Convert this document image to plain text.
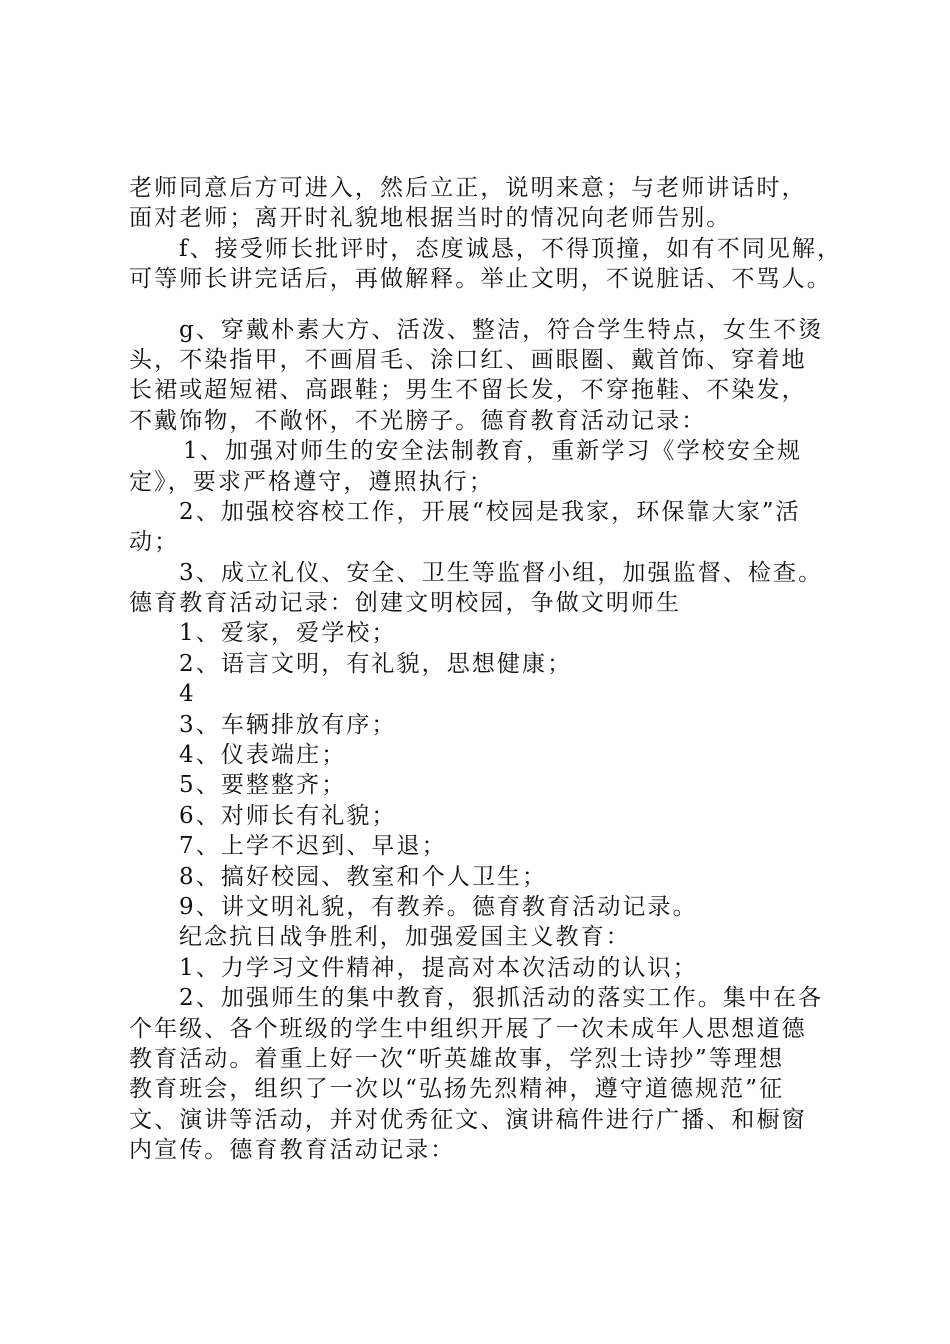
老师同意后方可进入，然后立正，说明来意；与老师讲话时，
面对老师；离开时礼貌地根据当时的情况向老师告别。
f、接受师长批评时，态度诚恳，不得顶撞，如有不同见解，
可等师长讲完话后，再做解释。举止文明，不说脏话、不骂人。
g、穿戴朴素大方、活泼、整洁，符合学生特点，女生不烫
头，不染指甲，不画眉毛、涂口红、画眼圈、戴首饰、穿着地
长裙或超短裙、高跟鞋；男生不留长发，不穿拖鞋、不染发，
不戴饰物，不敞怀，不光膀子。德育教育活动记录：
1、加强对师生的安全法制教育，重新学习《学校安全规
定》，要求严格遵守，遵照执行；
2、加强校容校工作，开展“校园是我家，环保靠大家”活
动；
3、成立礼仪、安全、卫生等监督小组，加强监督、检查。
德育教育活动记录：创建文明校园，争做文明师生
1、爱家，爱学校；
2、语言文明，有礼貌，思想健康；
4
3、车辆排放有序；
4、仪表端庄；
5、要整整齐；
6、对师长有礼貌；
7、上学不迟到、早退；
8、搞好校园、教室和个人卫生；
9、讲文明礼貌，有教养。德育教育活动记录。
纪念抗日战争胜利，加强爱国主义教育：
1、力学习文件精神，提高对本次活动的认识；
2、加强师生的集中教育，狠抓活动的落实工作。集中在各
个年级、各个班级的学生中组织开展了一次未成年人思想道德
教育活动。着重上好一次“听英雄故事，学烈士诗抄”等理想
教育班会，组织了一次以“弘扬先烈精神，遵守道德规范”征
文、演讲等活动，并对优秀征文、演讲稿件进行广播、和橱窗
内宣传。德育教育活动记录：
